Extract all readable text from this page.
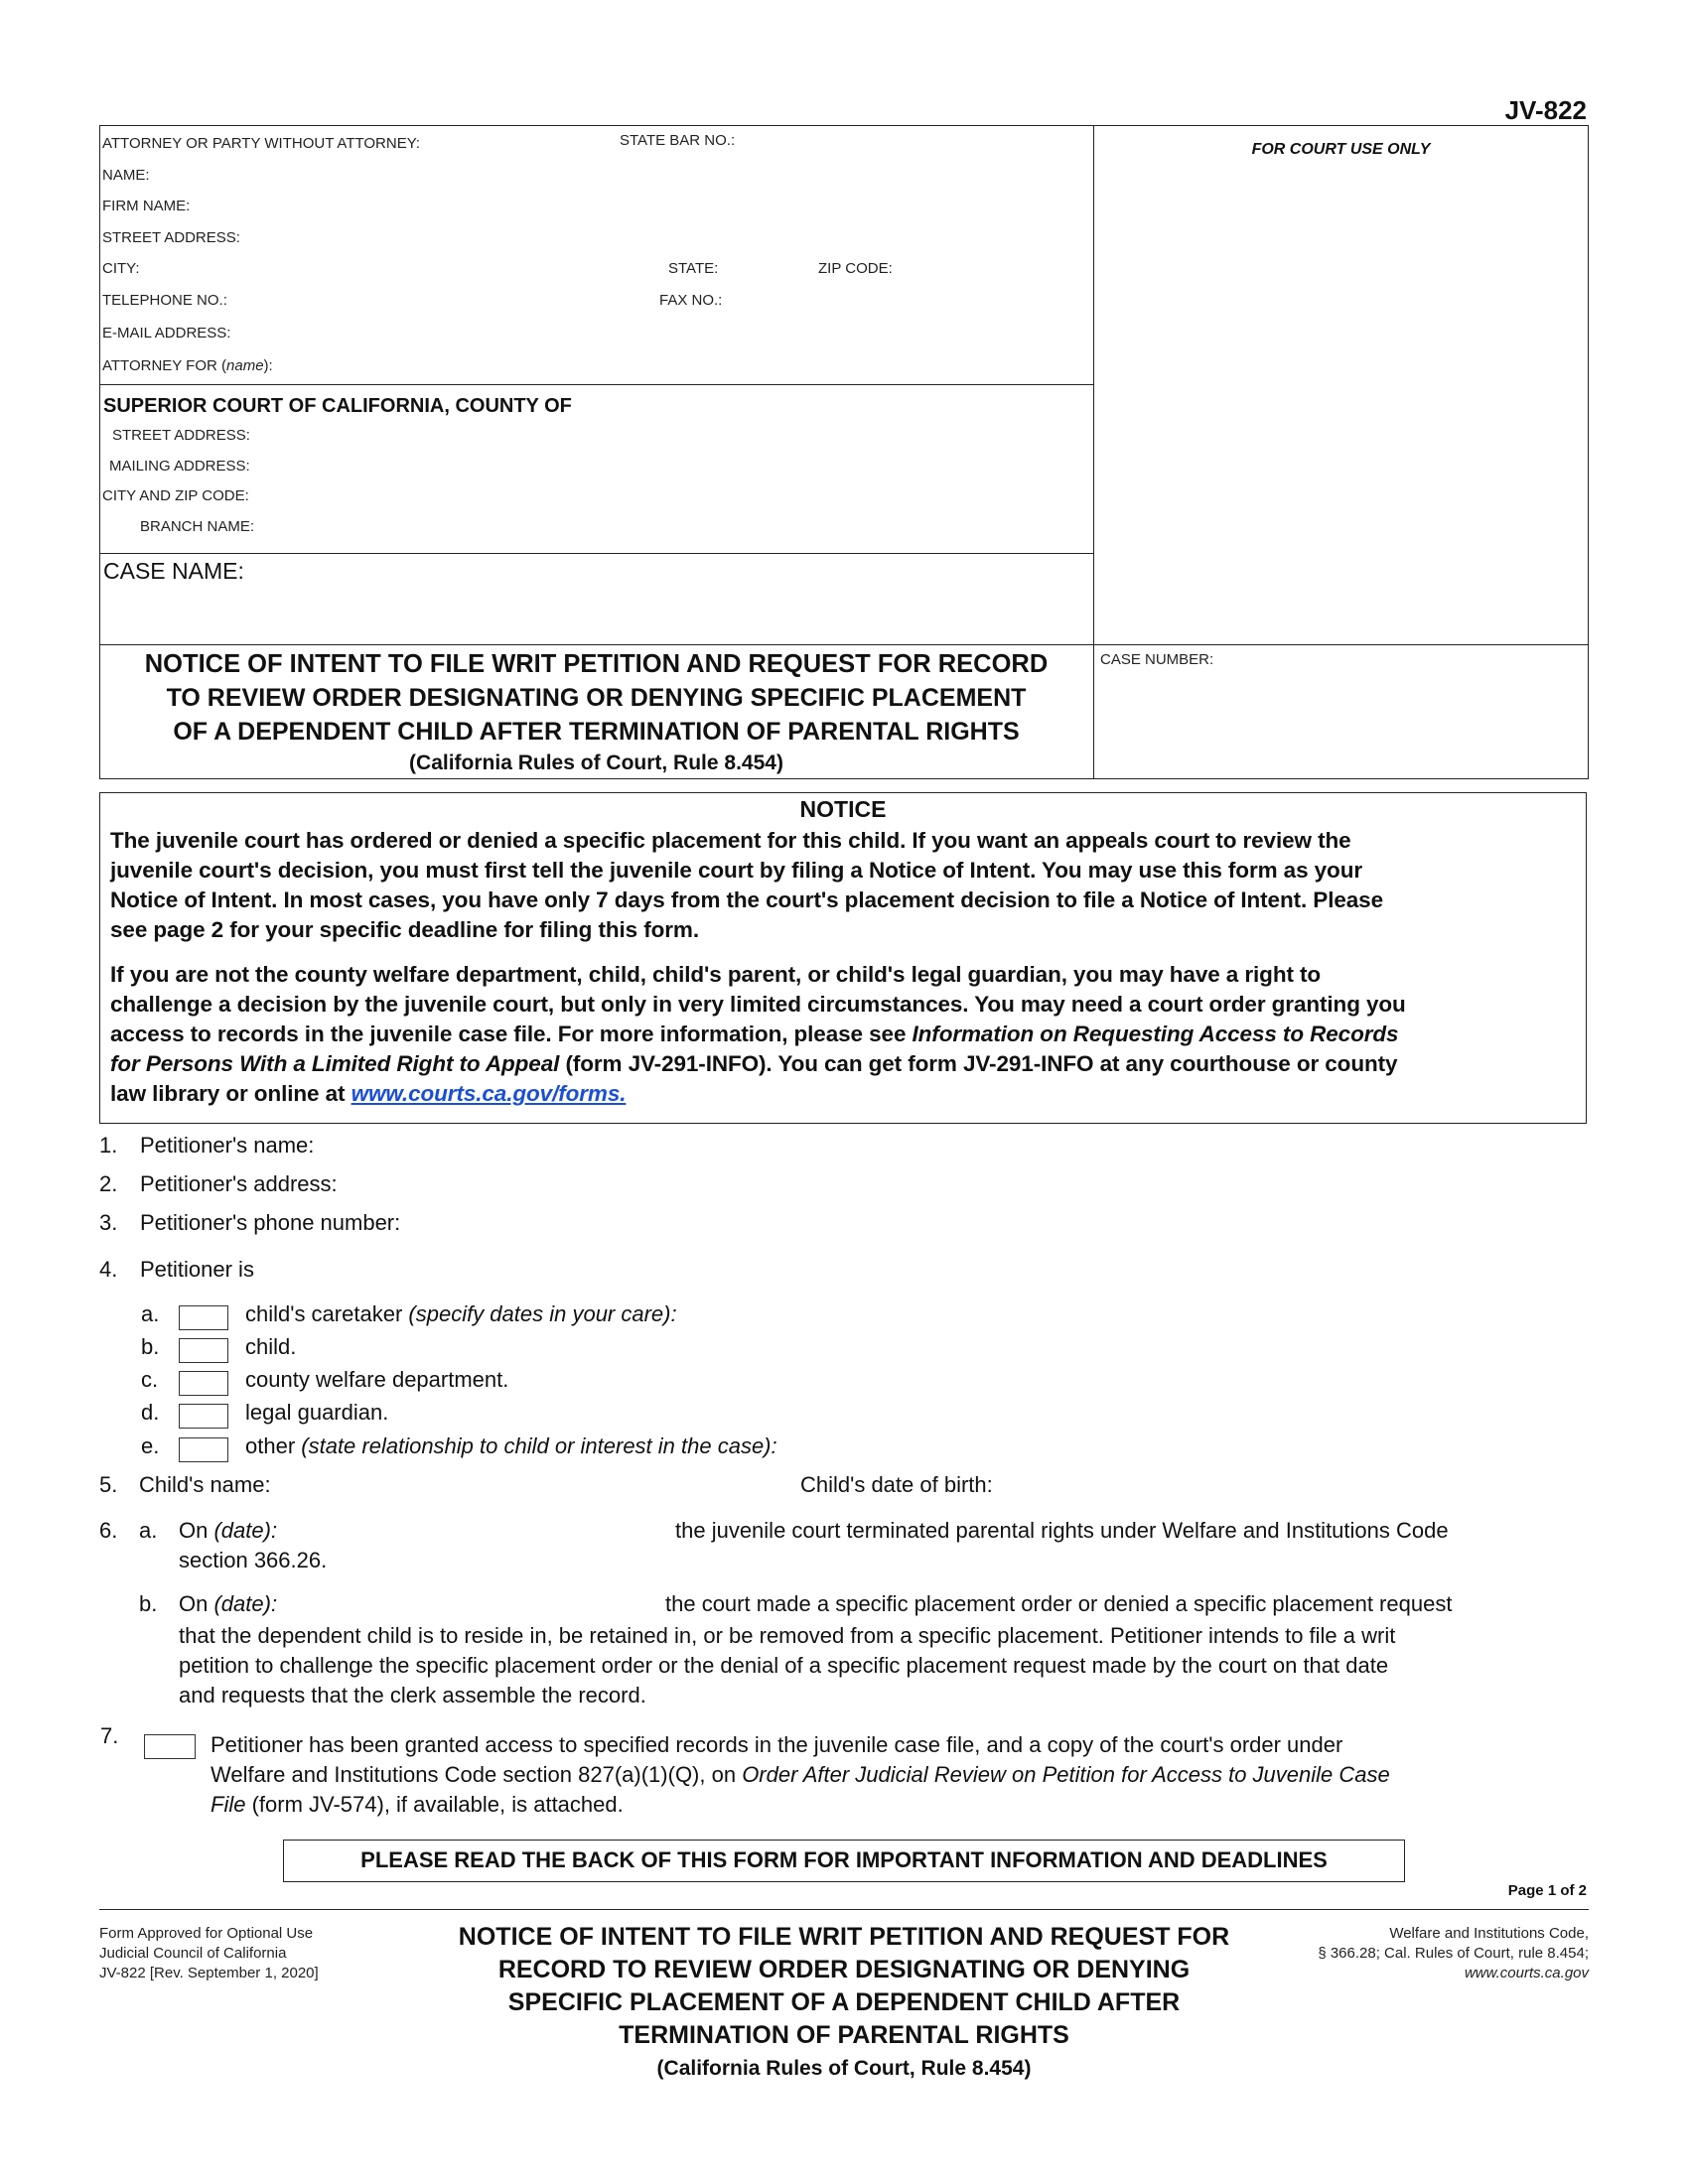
JV-822
ATTORNEY OR PARTY WITHOUT ATTORNEY:	STATE BAR NO.:
NAME:
FIRM NAME:
STREET ADDRESS:
CITY:	STATE:	ZIP CODE:
TELEPHONE NO.:	FAX NO.:
E-MAIL ADDRESS:
ATTORNEY FOR (name):
FOR COURT USE ONLY
SUPERIOR COURT OF CALIFORNIA, COUNTY OF
STREET ADDRESS:
MAILING ADDRESS:
CITY AND ZIP CODE:
BRANCH NAME:
CASE NAME:
NOTICE OF INTENT TO FILE WRIT PETITION AND REQUEST FOR RECORD
TO REVIEW ORDER DESIGNATING OR DENYING SPECIFIC PLACEMENT
OF A DEPENDENT CHILD AFTER TERMINATION OF PARENTAL RIGHTS
(California Rules of Court, Rule 8.454)
CASE NUMBER:
NOTICE
The juvenile court has ordered or denied a specific placement for this child. If you want an appeals court to review the
juvenile court's decision, you must first tell the juvenile court by filing a Notice of Intent. You may use this form as your
Notice of Intent. In most cases, you have only 7 days from the court's placement decision to file a Notice of Intent. Please
see page 2 for your specific deadline for filing this form.
If you are not the county welfare department, child, child's parent, or child's legal guardian, you may have a right to
challenge a decision by the juvenile court, but only in very limited circumstances. You may need a court order granting you
access to records in the juvenile case file. For more information, please see Information on Requesting Access to Records
for Persons With a Limited Right to Appeal (form JV-291-INFO). You can get form JV-291-INFO at any courthouse or county
law library or online at www.courts.ca.gov/forms.
1. Petitioner's name:
2. Petitioner's address:
3. Petitioner's phone number:
4. Petitioner is
a.	child's caretaker (specify dates in your care):
b.	child.
c.	county welfare department.
d.	legal guardian.
e.	other (state relationship to child or interest in the case):
5. Child's name:	Child's date of birth:
6. a. On (date):	the juvenile court terminated parental rights under Welfare and Institutions Code
section 366.26.
b. On (date):	the court made a specific placement order or denied a specific placement request
that the dependent child is to reside in, be retained in, or be removed from a specific placement. Petitioner intends to file a writ
petition to challenge the specific placement order or the denial of a specific placement request made by the court on that date
and requests that the clerk assemble the record.
7.	Petitioner has been granted access to specified records in the juvenile case file, and a copy of the court's order under
Welfare and Institutions Code section 827(a)(1)(Q), on Order After Judicial Review on Petition for Access to Juvenile Case
File (form JV-574), if available, is attached.
PLEASE READ THE BACK OF THIS FORM FOR IMPORTANT INFORMATION AND DEADLINES
Page 1 of 2
Form Approved for Optional Use
Judicial Council of California
JV-822 [Rev. September 1, 2020]
NOTICE OF INTENT TO FILE WRIT PETITION AND REQUEST FOR
RECORD TO REVIEW ORDER DESIGNATING OR DENYING
SPECIFIC PLACEMENT OF A DEPENDENT CHILD AFTER
TERMINATION OF PARENTAL RIGHTS
(California Rules of Court, Rule 8.454)
Welfare and Institutions Code,
§ 366.28; Cal. Rules of Court, rule 8.454;
www.courts.ca.gov
